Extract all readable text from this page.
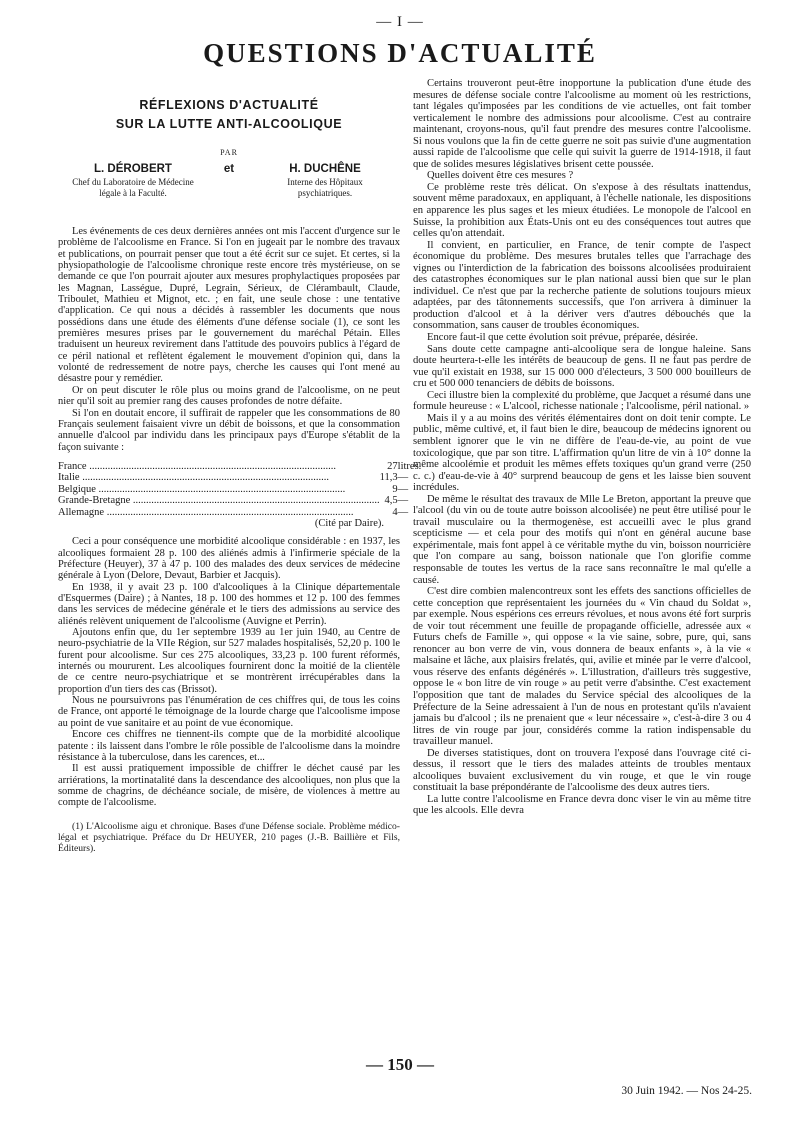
— I —
QUESTIONS D'ACTUALITÉ
RÉFLEXIONS D'ACTUALITÉ
SUR LA LUTTE ANTI-ALCOOLIQUE
PAR
L. DÉROBERT
Chef du Laboratoire de Médecine
légale à la Faculté.
et	H. DUCHÊNE
Interne des Hôpitaux
psychiatriques.

Les événements de ces deux dernières années ont mis l'accent d'urgence sur le problème de l'alcoolisme en France. Si l'on en jugeait par le nombre des travaux et publications, on pourrait penser que tout a été écrit sur ce sujet. Et certes, si la physiopathologie de l'alcoolisme chronique reste encore très mystérieuse, on se demande ce que l'on pourrait ajouter aux mesures prophylactiques proposées par les Magnan, Lasségue, Dupré, Legrain, Sérieux, de Clérambault, Claude, Triboulet, Mathieu et Mignot, etc. ; en fait, une seule chose : une tentative d'application. Ce qui nous a décidés à rassembler les documents que nous possédions dans une étude des éléments d'une défense sociale (1), ce sont les premières mesures prises par le gouvernement du maréchal Pétain. Elles traduisent un heureux revirement dans l'attitude des pouvoirs publics à l'égard de ce péril national et reflètent également le mouvement d'opinion qui, dans la volonté de redressement de notre pays, cherche les causes qui l'ont mené au désastre pour y remédier.

Or on peut discuter le rôle plus ou moins grand de l'alcoolisme, on ne peut nier qu'il soit au premier rang des causes profondes de notre défaite.

Si l'on en doutait encore, il suffirait de rappeler que les consommations de 80 Français seulement faisaient vivre un débit de boissons, et que la consommation annuelle d'alcool par individu dans les principaux pays d'Europe s'établit de la façon suivante :

France .....	27	litres.
Italie .....	11,3	—
Belgique .....	9	—
Grande-Bretagne .....	4,5	—
Allemagne .....	4	—
(Cité par Daire).

Ceci a pour conséquence une morbidité alcoolique considérable : en 1937, les alcooliques formaient 28 p. 100 des aliénés admis à l'infirmerie spéciale de la Préfecture (Heuyer), 37 à 47 p. 100 des malades des deux services de médecine générale à Lyon (Delore, Devaut, Barbier et Jacquis).

En 1938, il y avait 23 p. 100 d'alcooliques à la Clinique départementale d'Esquermes (Daire) ; à Nantes, 18 p. 100 des hommes et 12 p. 100 des femmes dans les services de médecine générale et le tiers des admissions au service des aliénés relèvent uniquement de l'alcoolisme (Auvigne et Perrin).

Ajoutons enfin que, du 1er septembre 1939 au 1er juin 1940, au Centre de neuro-psychiatrie de la VIIe Région, sur 527 malades hospitalisés, 52,20 p. 100 le furent pour alcoolisme. Sur ces 275 alcooliques, 33,23 p. 100 furent réformés, internés ou moururent. Les alcooliques fournirent donc la moitié de la clientèle de ce centre neuro-psychiatrique et se montrèrent irrécupérables dans la proportion d'un tiers des cas (Brissot).

Nous ne poursuivrons pas l'énumération de ces chiffres qui, de tous les coins de France, ont apporté le témoignage de la lourde charge que l'alcoolisme impose au point de vue sanitaire et au point de vue économique.

Encore ces chiffres ne tiennent-ils compte que de la morbidité alcoolique patente : ils laissent dans l'ombre le rôle possible de l'alcoolisme dans la moindre résistance à la tuberculose, dans les carences, et...

Il est aussi pratiquement impossible de chiffrer le déchet causé par les arriérations, la mortinatalité dans la descendance des alcooliques, non plus que la somme de chagrins, de déchéance sociale, de misère, de violences à mettre au compte de l'alcoolisme.

(1) L'Alcoolisme aigu et chronique. Bases d'une Défense sociale. Problème médico-légal et psychiatrique. Préface du Dr HEUYER, 210 pages (J.-B. Baillière et Fils, Éditeurs).

Certains trouveront peut-être inopportune la publication d'une étude des mesures de défense sociale contre l'alcoolisme au moment où les restrictions, tant légales qu'imposées par les conditions de vie actuelles, ont fait tomber verticalement le nombre des admissions pour alcoolisme. C'est au contraire maintenant, croyons-nous, qu'il faut prendre des mesures contre l'alcoolisme. Si nous voulons que la fin de cette guerre ne soit pas suivie d'une augmentation aussi rapide de l'alcoolisme que celle qui suivit la guerre de 1914-1918, il faut que de solides mesures législatives brisent cette poussée.

Quelles doivent être ces mesures ?

Ce problème reste très délicat. On s'expose à des résultats inattendus, souvent même paradoxaux, en appliquant, à l'échelle nationale, les dispositions en apparence les plus sages et les mieux étudiées. Le monopole de l'alcool en Suisse, la prohibition aux États-Unis ont eu des conséquences tout autres que celles qu'on attendait.

Il convient, en particulier, en France, de tenir compte de l'aspect économique du problème. Des mesures brutales telles que l'arrachage des vignes ou l'interdiction de la fabrication des boissons alcoolisées produiraient des catastrophes économiques sur le plan national aussi bien que sur le plan individuel. Ce n'est que par la recherche patiente de solutions toujours mieux adaptées, par des tâtonnements successifs, que l'on arrivera à diminuer la production d'alcool et à la dériver vers d'autres débouchés que la consommation, sans causer de troubles économiques.

Encore faut-il que cette évolution soit prévue, préparée, désirée.

Sans doute cette campagne anti-alcoolique sera de longue haleine. Sans doute heurtera-t-elle les intérêts de beaucoup de gens. Il ne faut pas perdre de vue qu'il existait en 1938, sur 15 000 000 d'électeurs, 3 500 000 bouilleurs de cru et 500 000 tenanciers de débits de boissons.

Ceci illustre bien la complexité du problème, que Jacquet a résumé dans une formule heureuse : « L'alcool, richesse nationale ; l'alcoolisme, péril national. »

Mais il y a au moins des vérités élémentaires dont on doit tenir compte. Le public, même cultivé, et, il faut bien le dire, beaucoup de médecins ignorent ou semblent ignorer que le vin ne diffère de l'eau-de-vie, au point de vue toxicologique, que par son titre. L'affirmation qu'un litre de vin à 10° donne la même alcoolémie et produit les mêmes effets toxiques qu'un grand verre (250 c. c.) d'eau-de-vie à 40° surprend beaucoup de gens et les laisse bien souvent incrédules.

De même le résultat des travaux de Mlle Le Breton, apportant la preuve que l'alcool (du vin ou de toute autre boisson alcoolisée) ne peut être utilisé pour le travail musculaire ou la thermogenèse, est accueilli avec le plus grand scepticisme — et cela pour des motifs qui n'ont en général aucune base expérimentale, mais font appel à ce véritable mythe du vin, boisson nourricière que l'on compare au sang, boisson nationale que l'on glorifie comme responsable de toutes les vertus de la race sans reconnaître le mal qu'elle a causé.

C'est dire combien malencontreux sont les effets des sanctions officielles de cette conception que représentaient les journées du « Vin chaud du Soldat », par exemple. Nous espérions ces erreurs révolues, et nous avons été fort surpris de voir tout récemment une feuille de propagande officielle, adressée aux « Futurs chefs de Famille », qui oppose « la vie saine, sobre, pure, qui, sans renoncer au bon verre de vin, vous donnera de beaux enfants », à la vie « malsaine et lâche, aux plaisirs frelatés, qui, avilie et minée par le verre d'alcool, vous réserve des enfants dégénérés ». L'illustration, d'ailleurs très suggestive, oppose le « bon litre de vin rouge » au petit verre d'absinthe. C'est exactement l'opposition que tant de malades du Service spécial des alcooliques de la Préfecture de la Seine adressaient à l'un de nous en protestant qu'ils n'avaient jamais bu d'alcool ; ils ne prenaient que « leur nécessaire », c'est-à-dire 3 ou 4 litres de vin rouge par jour, considérés comme la ration indispensable du travailleur manuel.

De diverses statistiques, dont on trouvera l'exposé dans l'ouvrage cité ci-dessus, il ressort que le tiers des malades atteints de troubles mentaux alcooliques buvaient exclusivement du vin rouge, et que le vin rouge constituait la base prépondérante de l'alcoolisme des deux autres tiers.

La lutte contre l'alcoolisme en France devra donc viser le vin au même titre que les alcools. Elle devra

— 150 —
30 Juin 1942. — Nos 24-25.
